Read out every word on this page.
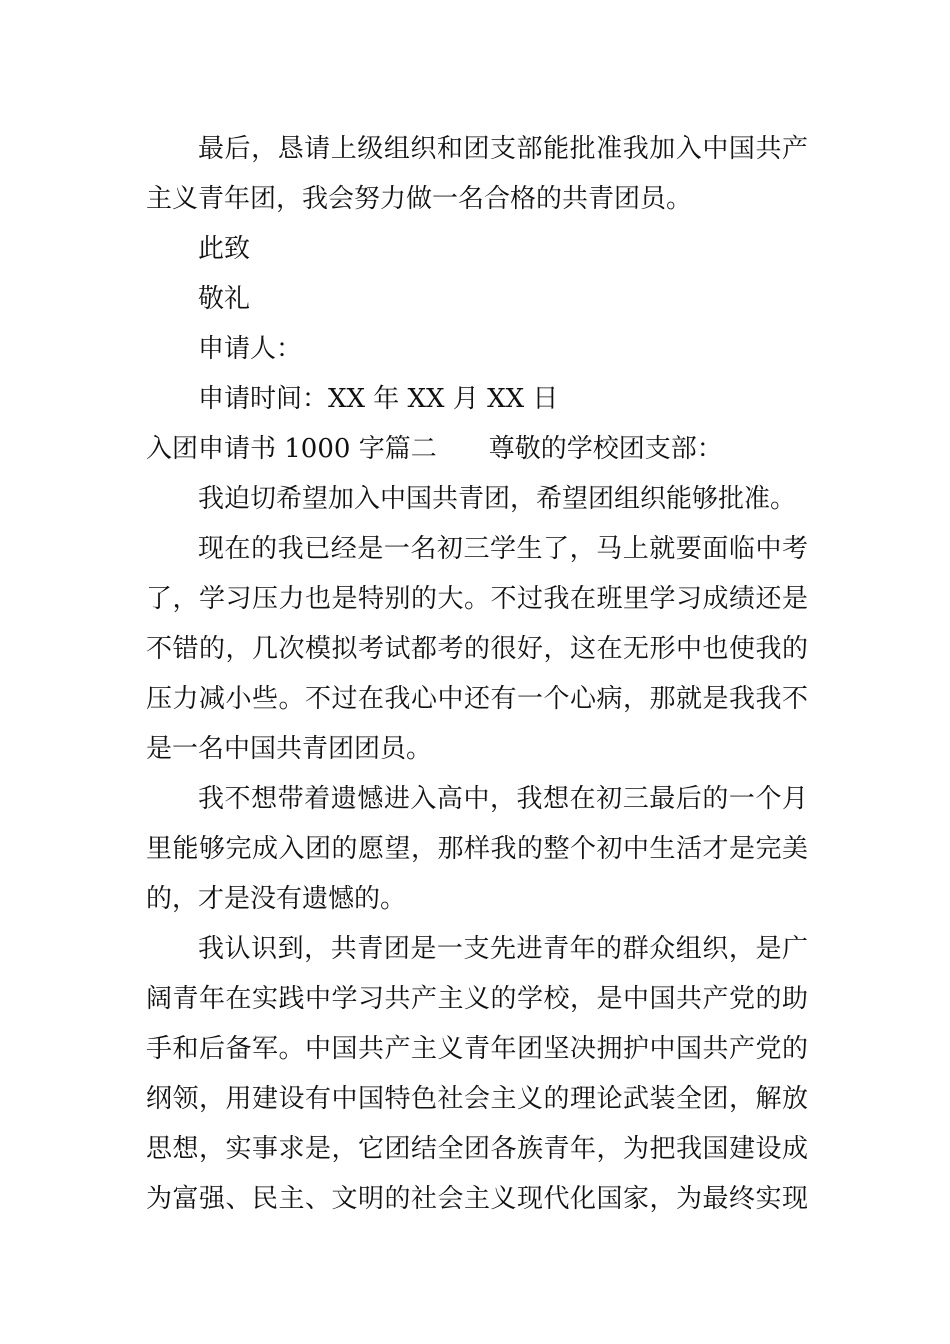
最后，恳请上级组织和团支部能批准我加入中国共产
主义青年团，我会努力做一名合格的共青团员。
此致
敬礼
申请人：
申请时间：XX 年 XX 月 XX 日
入团申请书 1000 字篇二 尊敬的学校团支部：
我迫切希望加入中国共青团，希望团组织能够批准。
现在的我已经是一名初三学生了，马上就要面临中考
了，学习压力也是特别的大。不过我在班里学习成绩还是
不错的，几次模拟考试都考的很好，这在无形中也使我的
压力减小些。不过在我心中还有一个心病，那就是我我不
是一名中国共青团团员。
我不想带着遗憾进入高中，我想在初三最后的一个月
里能够完成入团的愿望，那样我的整个初中生活才是完美
的，才是没有遗憾的。
我认识到，共青团是一支先进青年的群众组织，是广
阔青年在实践中学习共产主义的学校，是中国共产党的助
手和后备军。中国共产主义青年团坚决拥护中国共产党的
纲领，用建设有中国特色社会主义的理论武装全团，解放
思想，实事求是，它团结全团各族青年，为把我国建设成
为富强、民主、文明的社会主义现代化国家，为最终实现
